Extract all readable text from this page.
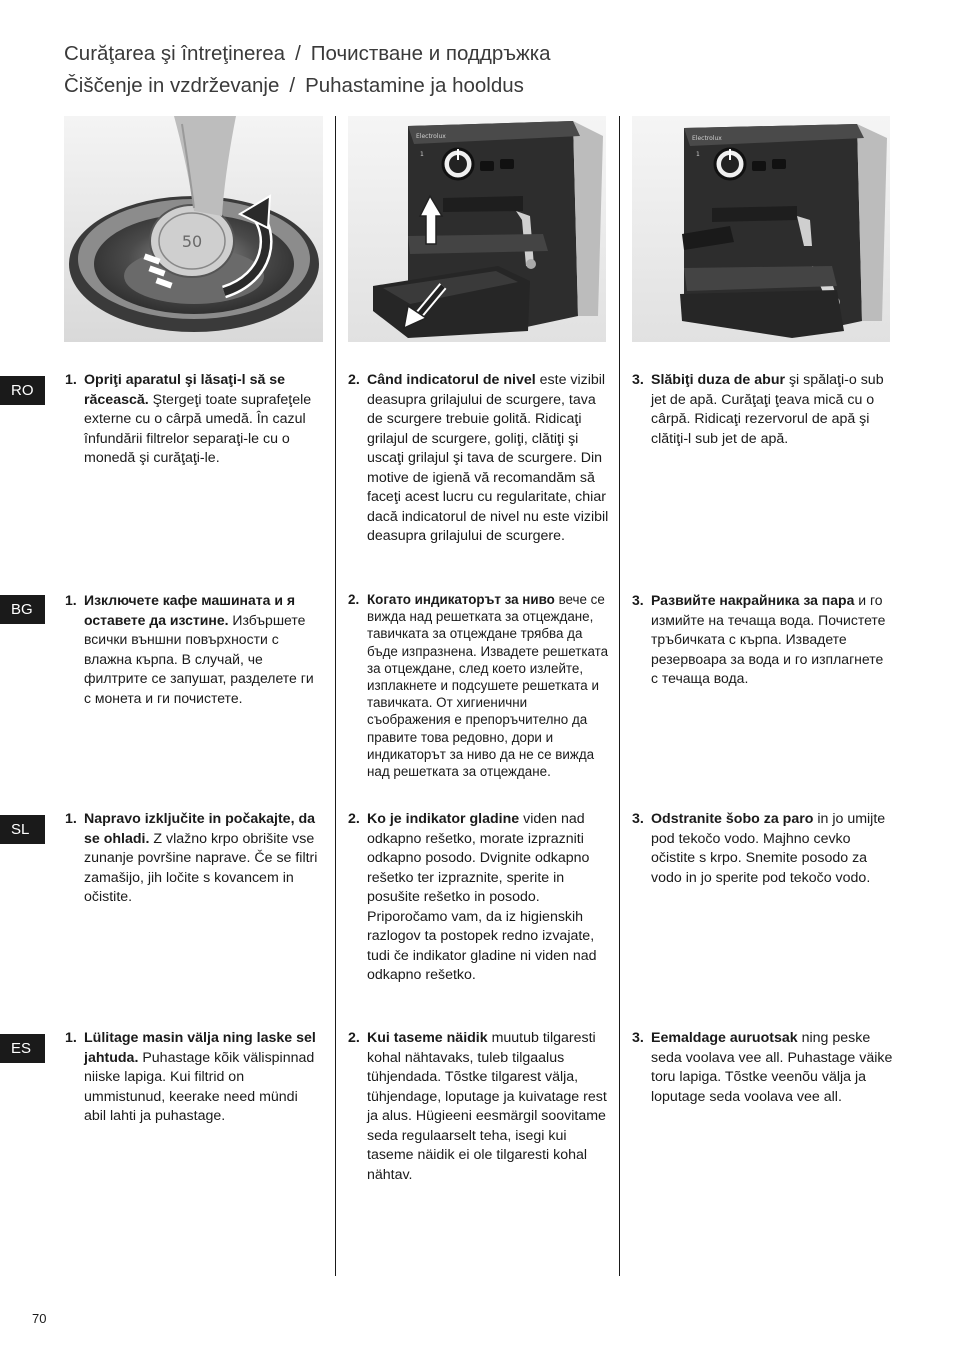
Curăţarea şi întreţinerea / Почистване и поддръжка
Čiščenje in vzdrževanje / Puhastamine ja hooldus
50
Electrolux
1
Electrolux
1
RO
1. Opriţi aparatul şi lăsaţi-l să se răcească. Ştergeţi toate suprafeţele externe cu o cârpă umedă. În cazul înfundării filtrelor separaţi-le cu o monedă şi curăţaţi-le.
2. Când indicatorul de nivel este vizibil deasupra grilajului de scurgere, tava de scurgere trebuie golită. Ridicaţi grilajul de scurgere, goliţi, clătiţi şi uscaţi grilajul şi tava de scurgere. Din motive de igienă vă recomandăm să faceţi acest lucru cu regularitate, chiar dacă indicatorul de nivel nu este vizibil deasupra grilajului de scurgere.
3. Slăbiţi duza de abur şi spălaţi-o sub jet de apă. Curăţaţi ţeava mică cu o cârpă. Ridicaţi rezervorul de apă şi clătiţi-l sub jet de apă.
BG
1. Изключете кафе машината и я оставете да изстине. Избършете всички външни повърхности с влажна кърпа. В случай, че филтрите се запушат, разделете ги с монета и ги почистете.
2. Когато индикаторът за ниво вече се вижда над решетката за отцеждане, тавичката за отцеждане трябва да бъде изпразнена. Извадете решетката за отцеждане, след което излейте, изплакнете и подсушете решетката и тавичката. От хигиенични съображения е препоръчително да правите това редовно, дори и индикаторът за ниво да не се вижда над решетката за отцеждане.
3. Развийте накрайника за пара и го измийте на течаща вода. Почистете тръбичката с кърпа. Извадете резервоара за вода и го изплагнете с течаща вода.
SL
1. Napravo izključite in počakajte, da se ohladi. Z vlažno krpo obrišite vse zunanje površine naprave. Če se filtri zamašijo, jih ločite s kovancem in očistite.
2. Ko je indikator gladine viden nad odkapno rešetko, morate izprazniti odkapno posodo. Dvignite odkapno rešetko ter izpraznite, sperite in posušite rešetko in posodo. Priporočamo vam, da iz higienskih razlogov ta postopek redno izvajate, tudi če indikator gladine ni viden nad odkapno rešetko.
3. Odstranite šobo za paro in jo umijte pod tekočo vodo. Majhno cevko očistite s krpo. Snemite posodo za vodo in jo sperite pod tekočo vodo.
ES
1. Lülitage masin välja ning laske sel jahtuda. Puhastage kõik välispinnad niiske lapiga. Kui filtrid on ummistunud, keerake need mündi abil lahti ja puhastage.
2. Kui taseme näidik muutub tilgaresti kohal nähtavaks, tuleb tilgaalus tühjendada. Tõstke tilgarest välja, tühjendage, loputage ja kuivatage rest ja alus. Hügieeni eesmärgil soovitame seda regulaarselt teha, isegi kui taseme näidik ei ole tilgaresti kohal nähtav.
3. Eemaldage auruotsak ning peske seda voolava vee all. Puhastage väike toru lapiga. Tõstke veenõu välja ja loputage seda voolava vee all.
70
